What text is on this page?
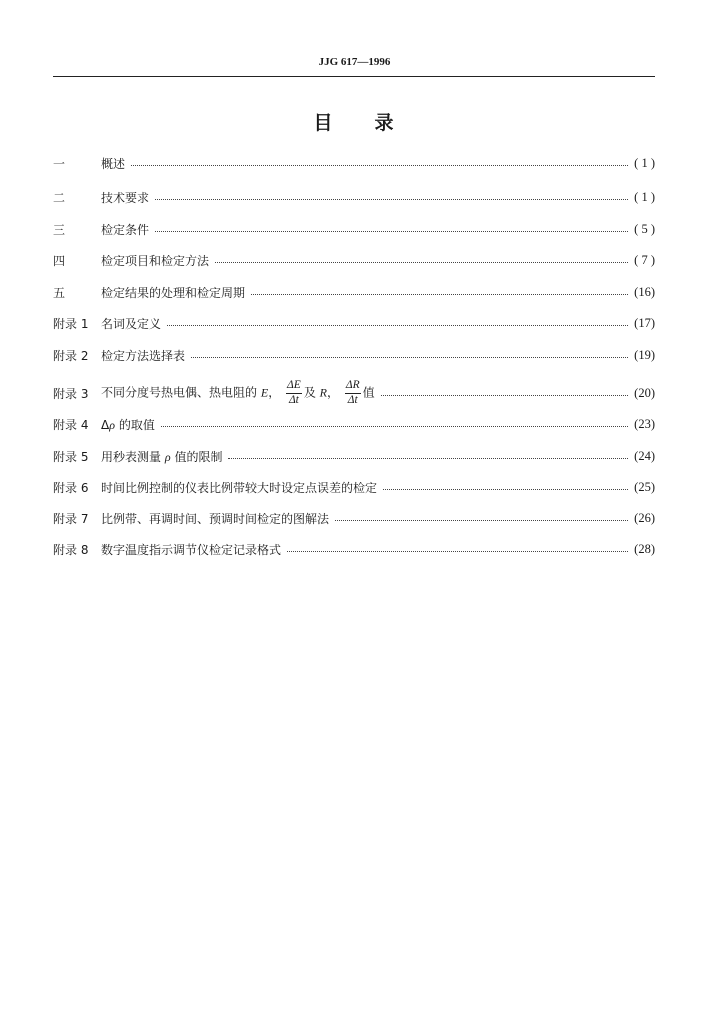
JJG 617—1996
目 录
一	概述	( 1 )
二	技术要求	( 1 )
三	检定条件	( 5 )
四	检定项目和检定方法	( 7 )
五	检定结果的处理和检定周期	(16)
附录 1	名词及定义	(17)
附录 2	检定方法选择表	(19)
附录 3	不同分度号热电偶、热电阻的 E， $\frac{\Delta E}{\Delta t}$ 及 R， $\frac{\Delta R}{\Delta t}$ 值	(20)
附录 4	Δρ 的取值	(23)
附录 5	用秒表测量 ρ 值的限制	(24)
附录 6	时间比例控制的仪表比例带较大时设定点误差的检定	(25)
附录 7	比例带、再调时间、预调时间检定的图解法	(26)
附录 8	数字温度指示调节仪检定记录格式	(28)
